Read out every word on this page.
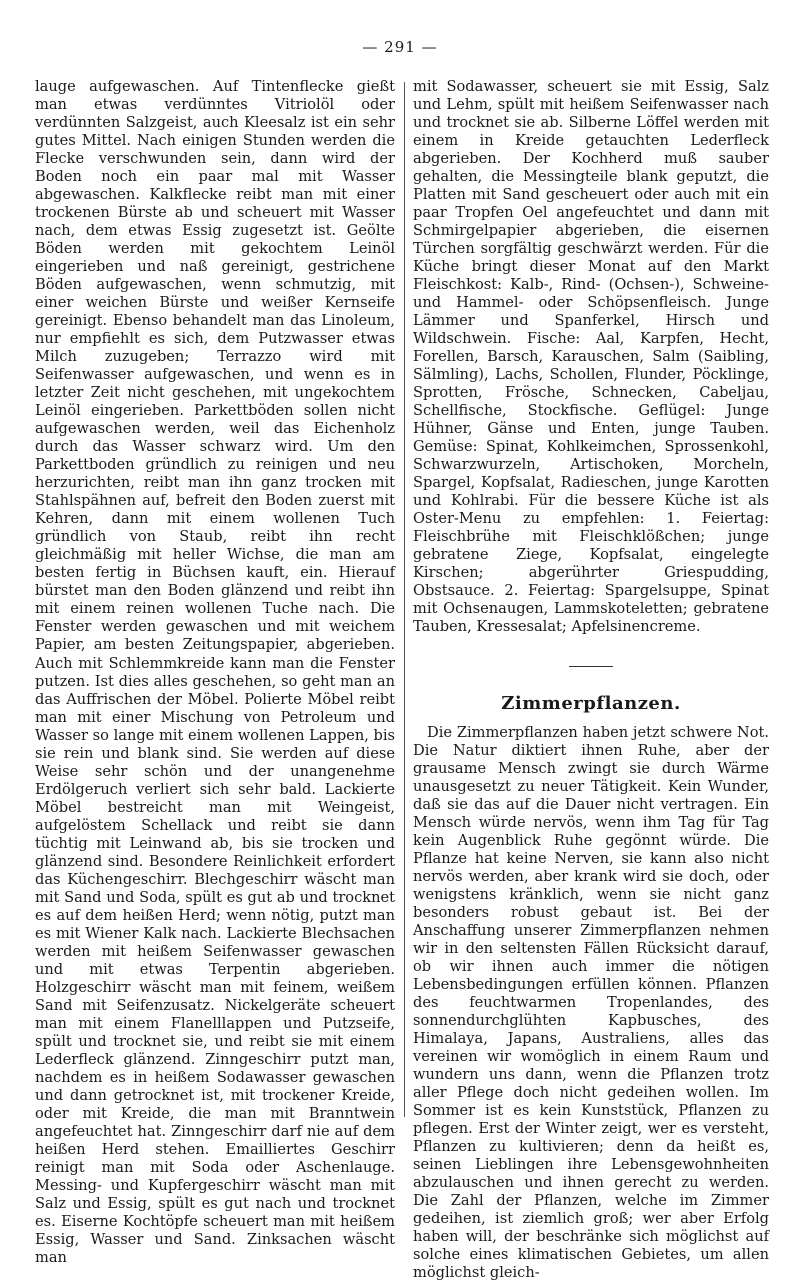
— 291 —

lauge aufgewaschen. Auf Tintenflecke gießt man etwas verdünntes Vitriolöl oder verdünnten Salzgeist, auch Kleesalz ist ein sehr gutes Mittel. Nach einigen Stunden werden die Flecke verschwunden sein, dann wird der Boden noch ein paar mal mit Wasser abgewaschen. Kalkflecke reibt man mit einer trockenen Bürste ab und scheuert mit Wasser nach, dem etwas Essig zugesetzt ist. Geölte Böden werden mit gekochtem Leinöl eingerieben und naß gereinigt, gestrichene Böden aufgewaschen, wenn schmutzig, mit einer weichen Bürste und weißer Kernseife gereinigt. Ebenso behandelt man das Linoleum, nur empfiehlt es sich, dem Putzwasser etwas Milch zuzugeben; Terrazzo wird mit Seifenwasser aufgewaschen, und wenn es in letzter Zeit nicht geschehen, mit ungekochtem Leinöl eingerieben. Parkettböden sollen nicht aufgewaschen werden, weil das Eichenholz durch das Wasser schwarz wird. Um den Parkettboden gründlich zu reinigen und neu herzurichten, reibt man ihn ganz trocken mit Stahlspähnen auf, befreit den Boden zuerst mit Kehren, dann mit einem wollenen Tuch gründlich von Staub, reibt ihn recht gleichmäßig mit heller Wichse, die man am besten fertig in Büchsen kauft, ein. Hierauf bürstet man den Boden glänzend und reibt ihn mit einem reinen wollenen Tuche nach. Die Fenster werden gewaschen und mit weichem Papier, am besten Zeitungspapier, abgerieben. Auch mit Schlemmkreide kann man die Fenster putzen. Ist dies alles geschehen, so geht man an das Auffrischen der Möbel. Polierte Möbel reibt man mit einer Mischung von Petroleum und Wasser so lange mit einem wollenen Lappen, bis sie rein und blank sind. Sie werden auf diese Weise sehr schön und der unangenehme Erdölgeruch verliert sich sehr bald. Lackierte Möbel bestreicht man mit Weingeist, aufgelöstem Schellack und reibt sie dann tüchtig mit Leinwand ab, bis sie trocken und glänzend sind. Besondere Reinlichkeit erfordert das Küchengeschirr. Blechgeschirr wäscht man mit Sand und Soda, spült es gut ab und trocknet es auf dem heißen Herd; wenn nötig, putzt man es mit Wiener Kalk nach. Lackierte Blechsachen werden mit heißem Seifenwasser gewaschen und mit etwas Terpentin abgerieben. Holzgeschirr wäscht man mit feinem, weißem Sand mit Seifenzusatz. Nickelgeräte scheuert man mit einem Flanelllappen und Putzseife, spült und trocknet sie, und reibt sie mit einem Lederfleck glänzend. Zinngeschirr putzt man, nachdem es in heißem Sodawasser gewaschen und dann getrocknet ist, mit trockener Kreide, oder mit Kreide, die man mit Branntwein angefeuchtet hat. Zinngeschirr darf nie auf dem heißen Herd stehen. Emailliertes Geschirr reinigt man mit Soda oder Aschenlauge. Messing- und Kupfergeschirr wäscht man mit Salz und Essig, spült es gut nach und trocknet es. Eiserne Kochtöpfe scheuert man mit heißem Essig, Wasser und Sand. Zinksachen wäscht man

mit Sodawasser, scheuert sie mit Essig, Salz und Lehm, spült mit heißem Seifenwasser nach und trocknet sie ab. Silberne Löffel werden mit einem in Kreide getauchten Lederfleck abgerieben. Der Kochherd muß sauber gehalten, die Messingteile blank geputzt, die Platten mit Sand gescheuert oder auch mit ein paar Tropfen Oel angefeuchtet und dann mit Schmirgelpapier abgerieben, die eisernen Türchen sorgfältig geschwärzt werden. Für die Küche bringt dieser Monat auf den Markt Fleischkost: Kalb-, Rind- (Ochsen-), Schweine- und Hammel- oder Schöpsenfleisch. Junge Lämmer und Spanferkel, Hirsch und Wildschwein. Fische: Aal, Karpfen, Hecht, Forellen, Barsch, Karauschen, Salm (Saibling, Sälmling), Lachs, Schollen, Flunder, Pöcklinge, Sprotten, Frösche, Schnecken, Cabeljau, Schellfische, Stockfische. Geflügel: Junge Hühner, Gänse und Enten, junge Tauben. Gemüse: Spinat, Kohlkeimchen, Sprossenkohl, Schwarzwurzeln, Artischoken, Morcheln, Spargel, Kopfsalat, Radieschen, junge Karotten und Kohlrabi. Für die bessere Küche ist als Oster-Menu zu empfehlen: 1. Feiertag: Fleischbrühe mit Fleischklößchen; junge gebratene Ziege, Kopfsalat, eingelegte Kirschen; abgerührter Griespudding, Obstsauce. 2. Feiertag: Spargelsuppe, Spinat mit Ochsenaugen, Lammskoteletten; gebratene Tauben, Kressesalat; Apfelsinencreme.

Zimmerpflanzen.

Die Zimmerpflanzen haben jetzt schwere Not. Die Natur diktiert ihnen Ruhe, aber der grausame Mensch zwingt sie durch Wärme unausgesetzt zu neuer Tätigkeit. Kein Wunder, daß sie das auf die Dauer nicht vertragen. Ein Mensch würde nervös, wenn ihm Tag für Tag kein Augenblick Ruhe gegönnt würde. Die Pflanze hat keine Nerven, sie kann also nicht nervös werden, aber krank wird sie doch, oder wenigstens kränklich, wenn sie nicht ganz besonders robust gebaut ist. Bei der Anschaffung unserer Zimmerpflanzen nehmen wir in den seltensten Fällen Rücksicht darauf, ob wir ihnen auch immer die nötigen Lebensbedingungen erfüllen können. Pflanzen des feuchtwarmen Tropenlandes, des sonnendurchglühten Kapbusches, des Himalaya, Japans, Australiens, alles das vereinen wir womöglich in einem Raum und wundern uns dann, wenn die Pflanzen trotz aller Pflege doch nicht gedeihen wollen. Im Sommer ist es kein Kunststück, Pflanzen zu pflegen. Erst der Winter zeigt, wer es versteht, Pflanzen zu kultivieren; denn da heißt es, seinen Lieblingen ihre Lebensgewohnheiten abzulauschen und ihnen gerecht zu werden. Die Zahl der Pflanzen, welche im Zimmer gedeihen, ist ziemlich groß; wer aber Erfolg haben will, der beschränke sich möglichst auf solche eines klimatischen Gebietes, um allen möglichst gleich-
